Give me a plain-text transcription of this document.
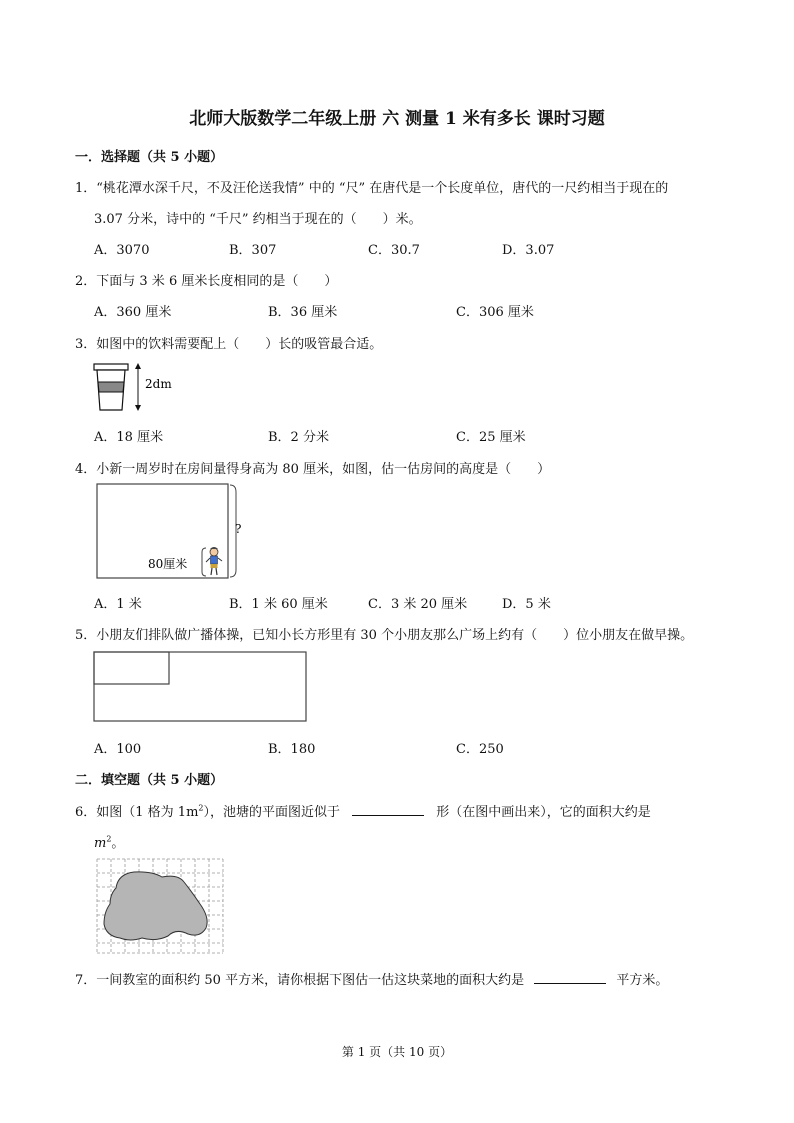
北师大版数学二年级上册 六 测量 1 米有多长 课时习题
一．选择题（共 5 小题）
1．“桃花潭水深千尺，不及汪伦送我情” 中的 “尺” 在唐代是一个长度单位，唐代的一尺约相当于现在的
3.07 分米，诗中的 “千尺” 约相当于现在的（　　）米。
A．3070	B．307	C．30.7	D．3.07
2．下面与 3 米 6 厘米长度相同的是（　　）
A．360 厘米	B．36 厘米	C．306 厘米
3．如图中的饮料需要配上（　　）长的吸管最合适。
2dm
A．18 厘米	B．2 分米	C．25 厘米
4．小新一周岁时在房间量得身高为 80 厘米，如图，估一估房间的高度是（　　）
?
80厘米
A．1 米	B．1 米 60 厘米	C．3 米 20 厘米	D．5 米
5．小朋友们排队做广播体操，已知小长方形里有 30 个小朋友那么广场上约有（　　）位小朋友在做早操。
A．100	B．180	C．250
二．填空题（共 5 小题）
6．如图（1 格为 $1m^2$），池塘的平面图近似于	形（在图中画出来），它的面积大约是
$m^2$。
7．一间教室的面积约 50 平方米，请你根据下图估一估这块菜地的面积大约是	平方米。
第 1 页（共 10 页）
